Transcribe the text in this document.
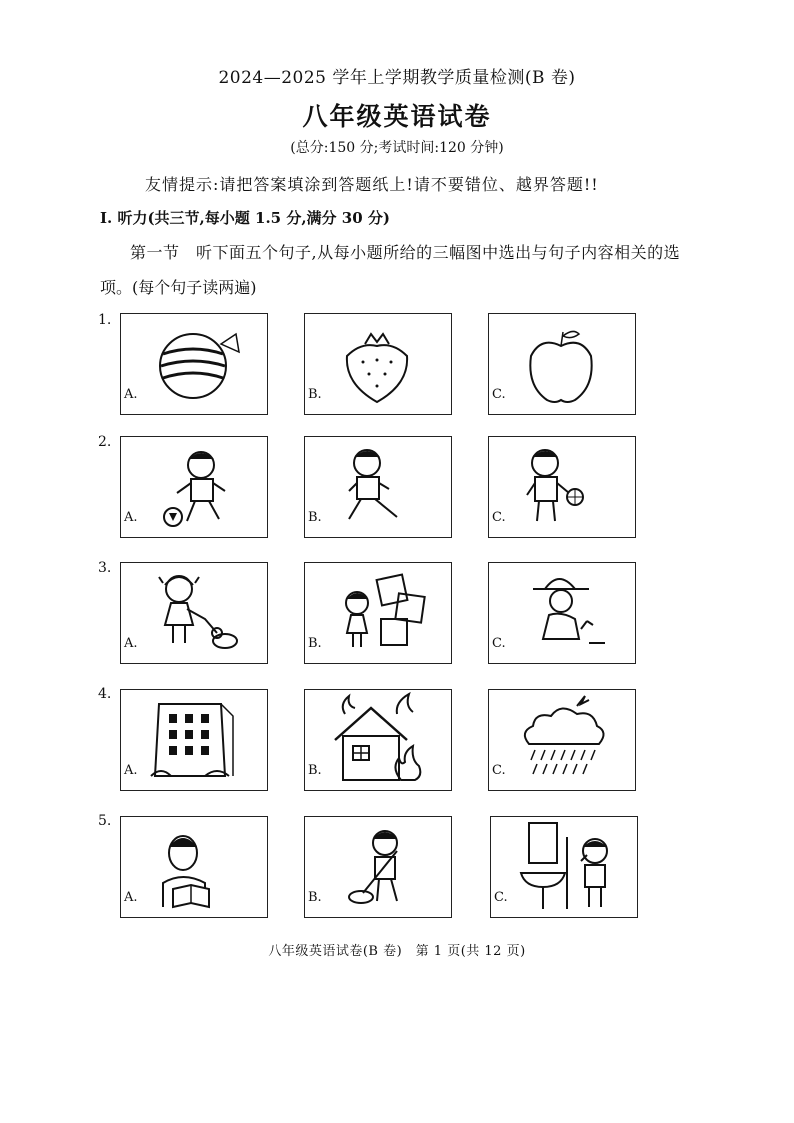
2024—2025 学年上学期教学质量检测(B 卷)
八年级英语试卷
(总分:150 分;考试时间:120 分钟)
友情提示:请把答案填涂到答题纸上!请不要错位、越界答题!!
Ⅰ. 听力(共三节,每小题 1.5 分,满分 30 分)
第一节　听下面五个句子,从每小题所给的三幅图中选出与句子内容相关的选
项。(每个句子读两遍)
1.
A.	B.	C.
2.
A.	B.	C.
3.
A.	B.	C.
4.
A.	B.	C.
5.
A.	B.	C.
八年级英语试卷(B 卷)　第 1 页(共 12 页)
